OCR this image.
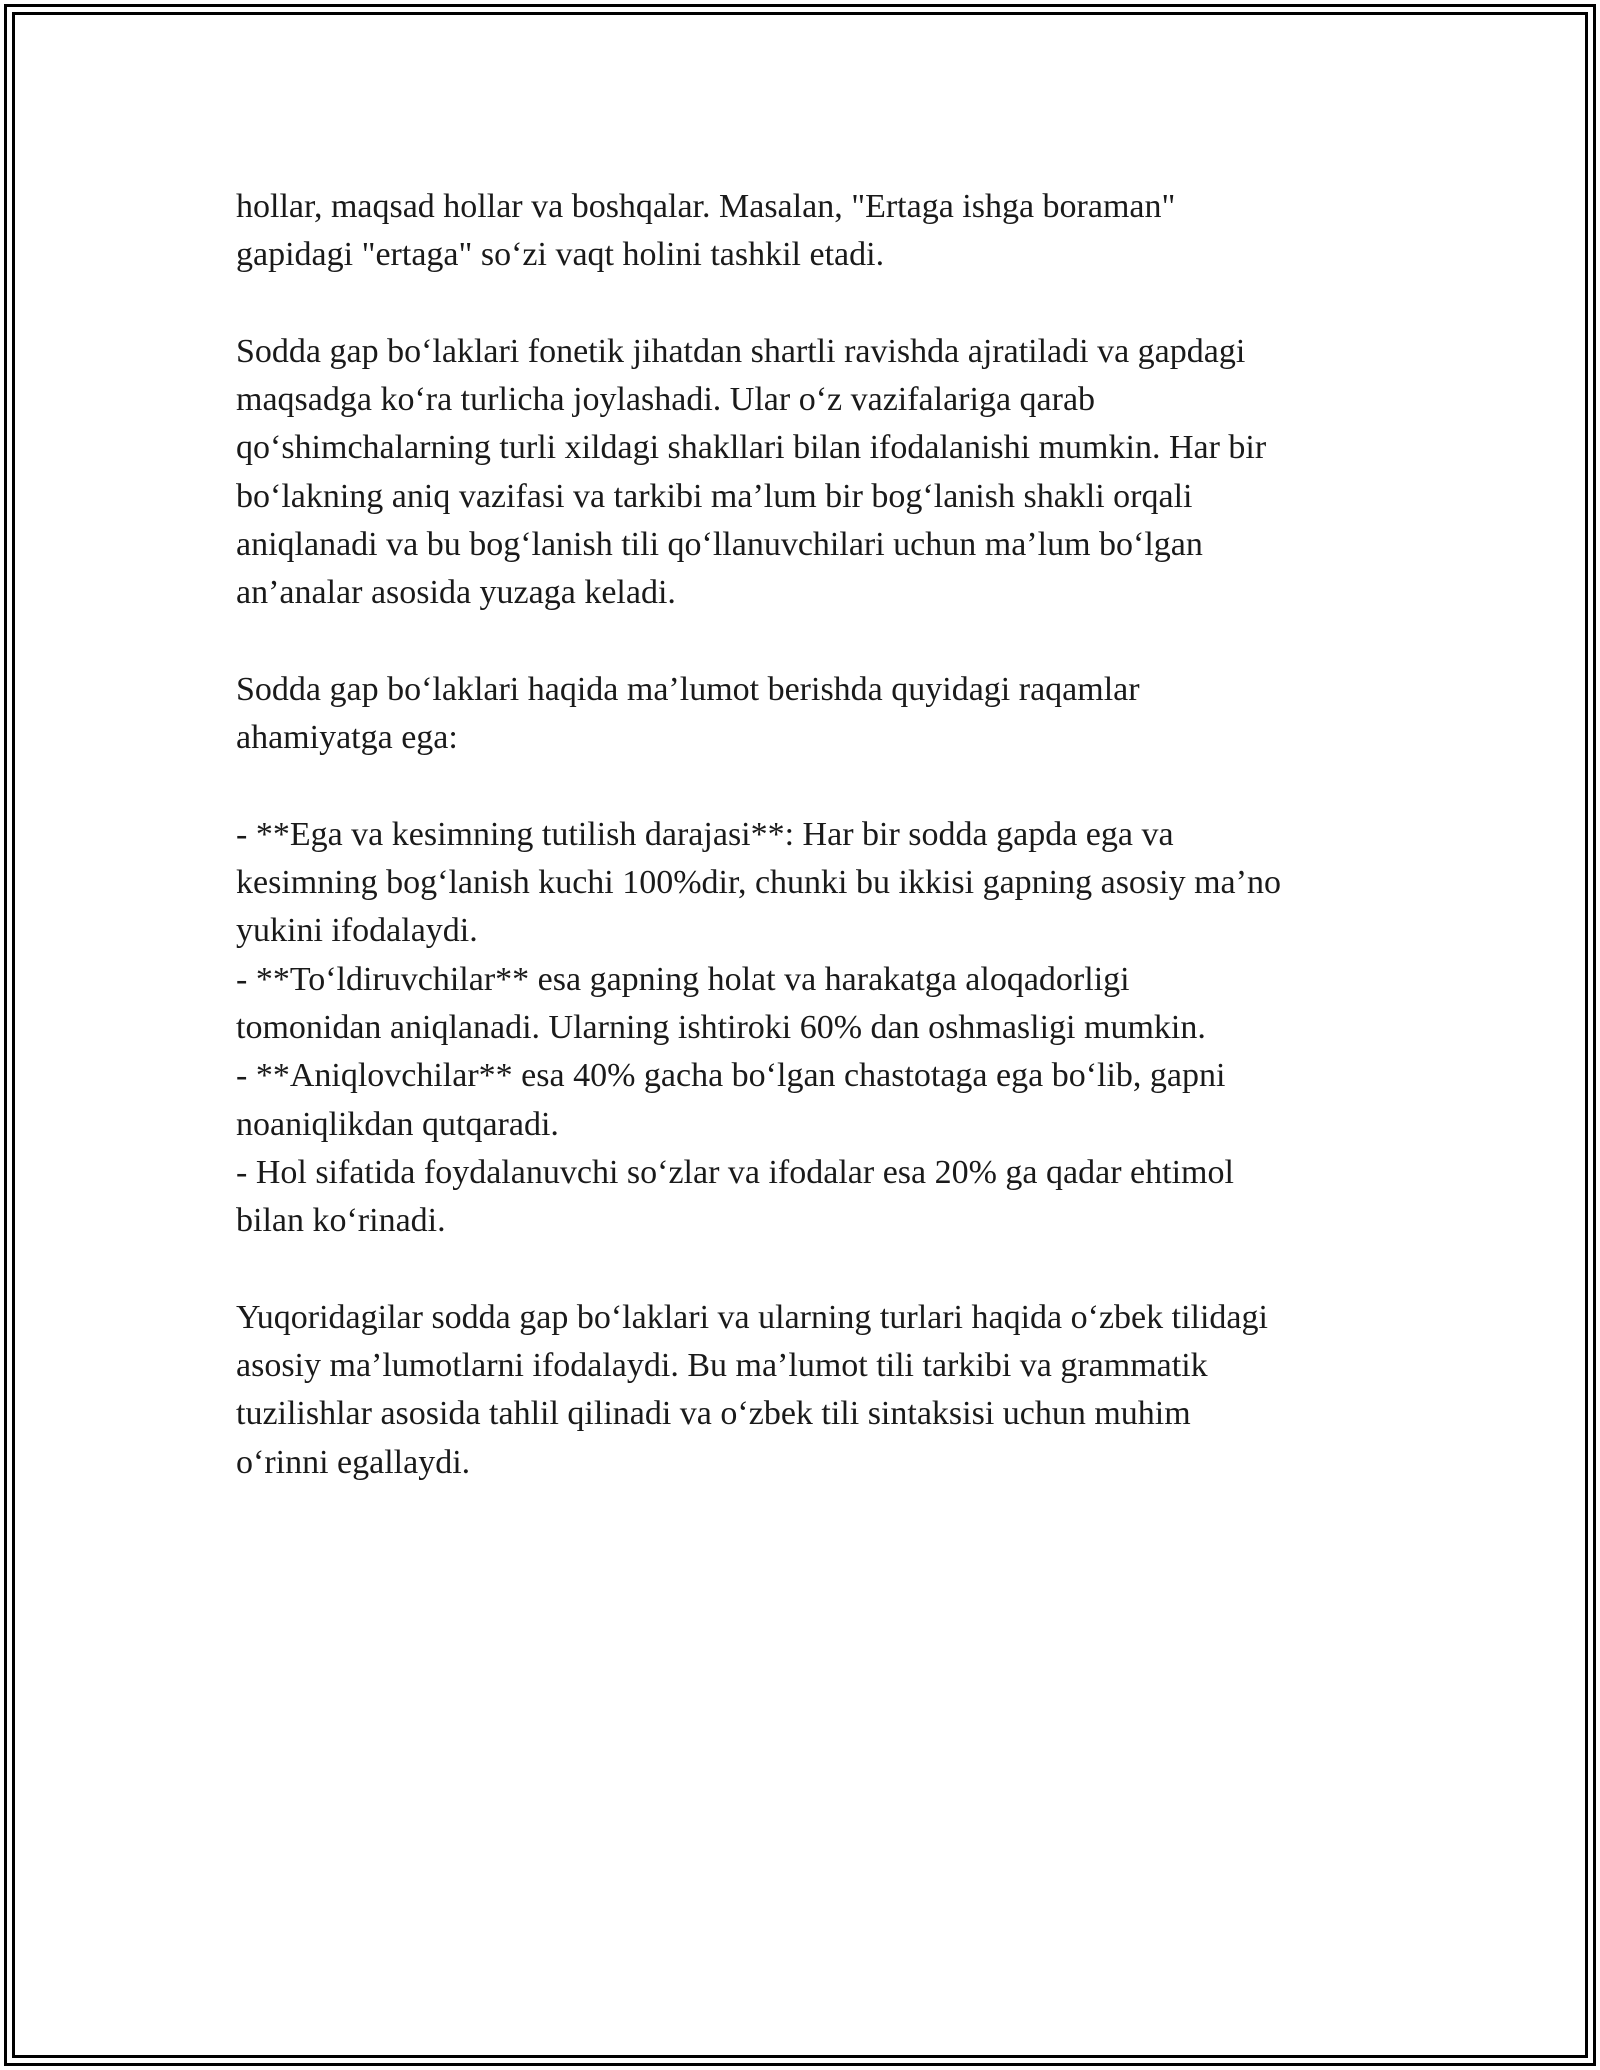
hollar, maqsad hollar va boshqalar. Masalan, "Ertaga ishga boraman"
gapidagi "ertaga" so‘zi vaqt holini tashkil etadi.

Sodda gap bo‘laklari fonetik jihatdan shartli ravishda ajratiladi va gapdagi
maqsadga ko‘ra turlicha joylashadi. Ular o‘z vazifalariga qarab
qo‘shimchalarning turli xildagi shakllari bilan ifodalanishi mumkin. Har bir
bo‘lakning aniq vazifasi va tarkibi ma’lum bir bog‘lanish shakli orqali
aniqlanadi va bu bog‘lanish tili qo‘llanuvchilari uchun ma’lum bo‘lgan
an’analar asosida yuzaga keladi.

Sodda gap bo‘laklari haqida ma’lumot berishda quyidagi raqamlar
ahamiyatga ega:

- **Ega va kesimning tutilish darajasi**: Har bir sodda gapda ega va
kesimning bog‘lanish kuchi 100%dir, chunki bu ikkisi gapning asosiy ma’no
yukini ifodalaydi.
- **To‘ldiruvchilar** esa gapning holat va harakatga aloqadorligi
tomonidan aniqlanadi. Ularning ishtiroki 60% dan oshmasligi mumkin.
- **Aniqlovchilar** esa 40% gacha bo‘lgan chastotaga ega bo‘lib, gapni
noaniqlikdan qutqaradi.
- Hol sifatida foydalanuvchi so‘zlar va ifodalar esa 20% ga qadar ehtimol
bilan ko‘rinadi.

Yuqoridagilar sodda gap bo‘laklari va ularning turlari haqida o‘zbek tilidagi
asosiy ma’lumotlarni ifodalaydi. Bu ma’lumot tili tarkibi va grammatik
tuzilishlar asosida tahlil qilinadi va o‘zbek tili sintaksisi uchun muhim
o‘rinni egallaydi.
